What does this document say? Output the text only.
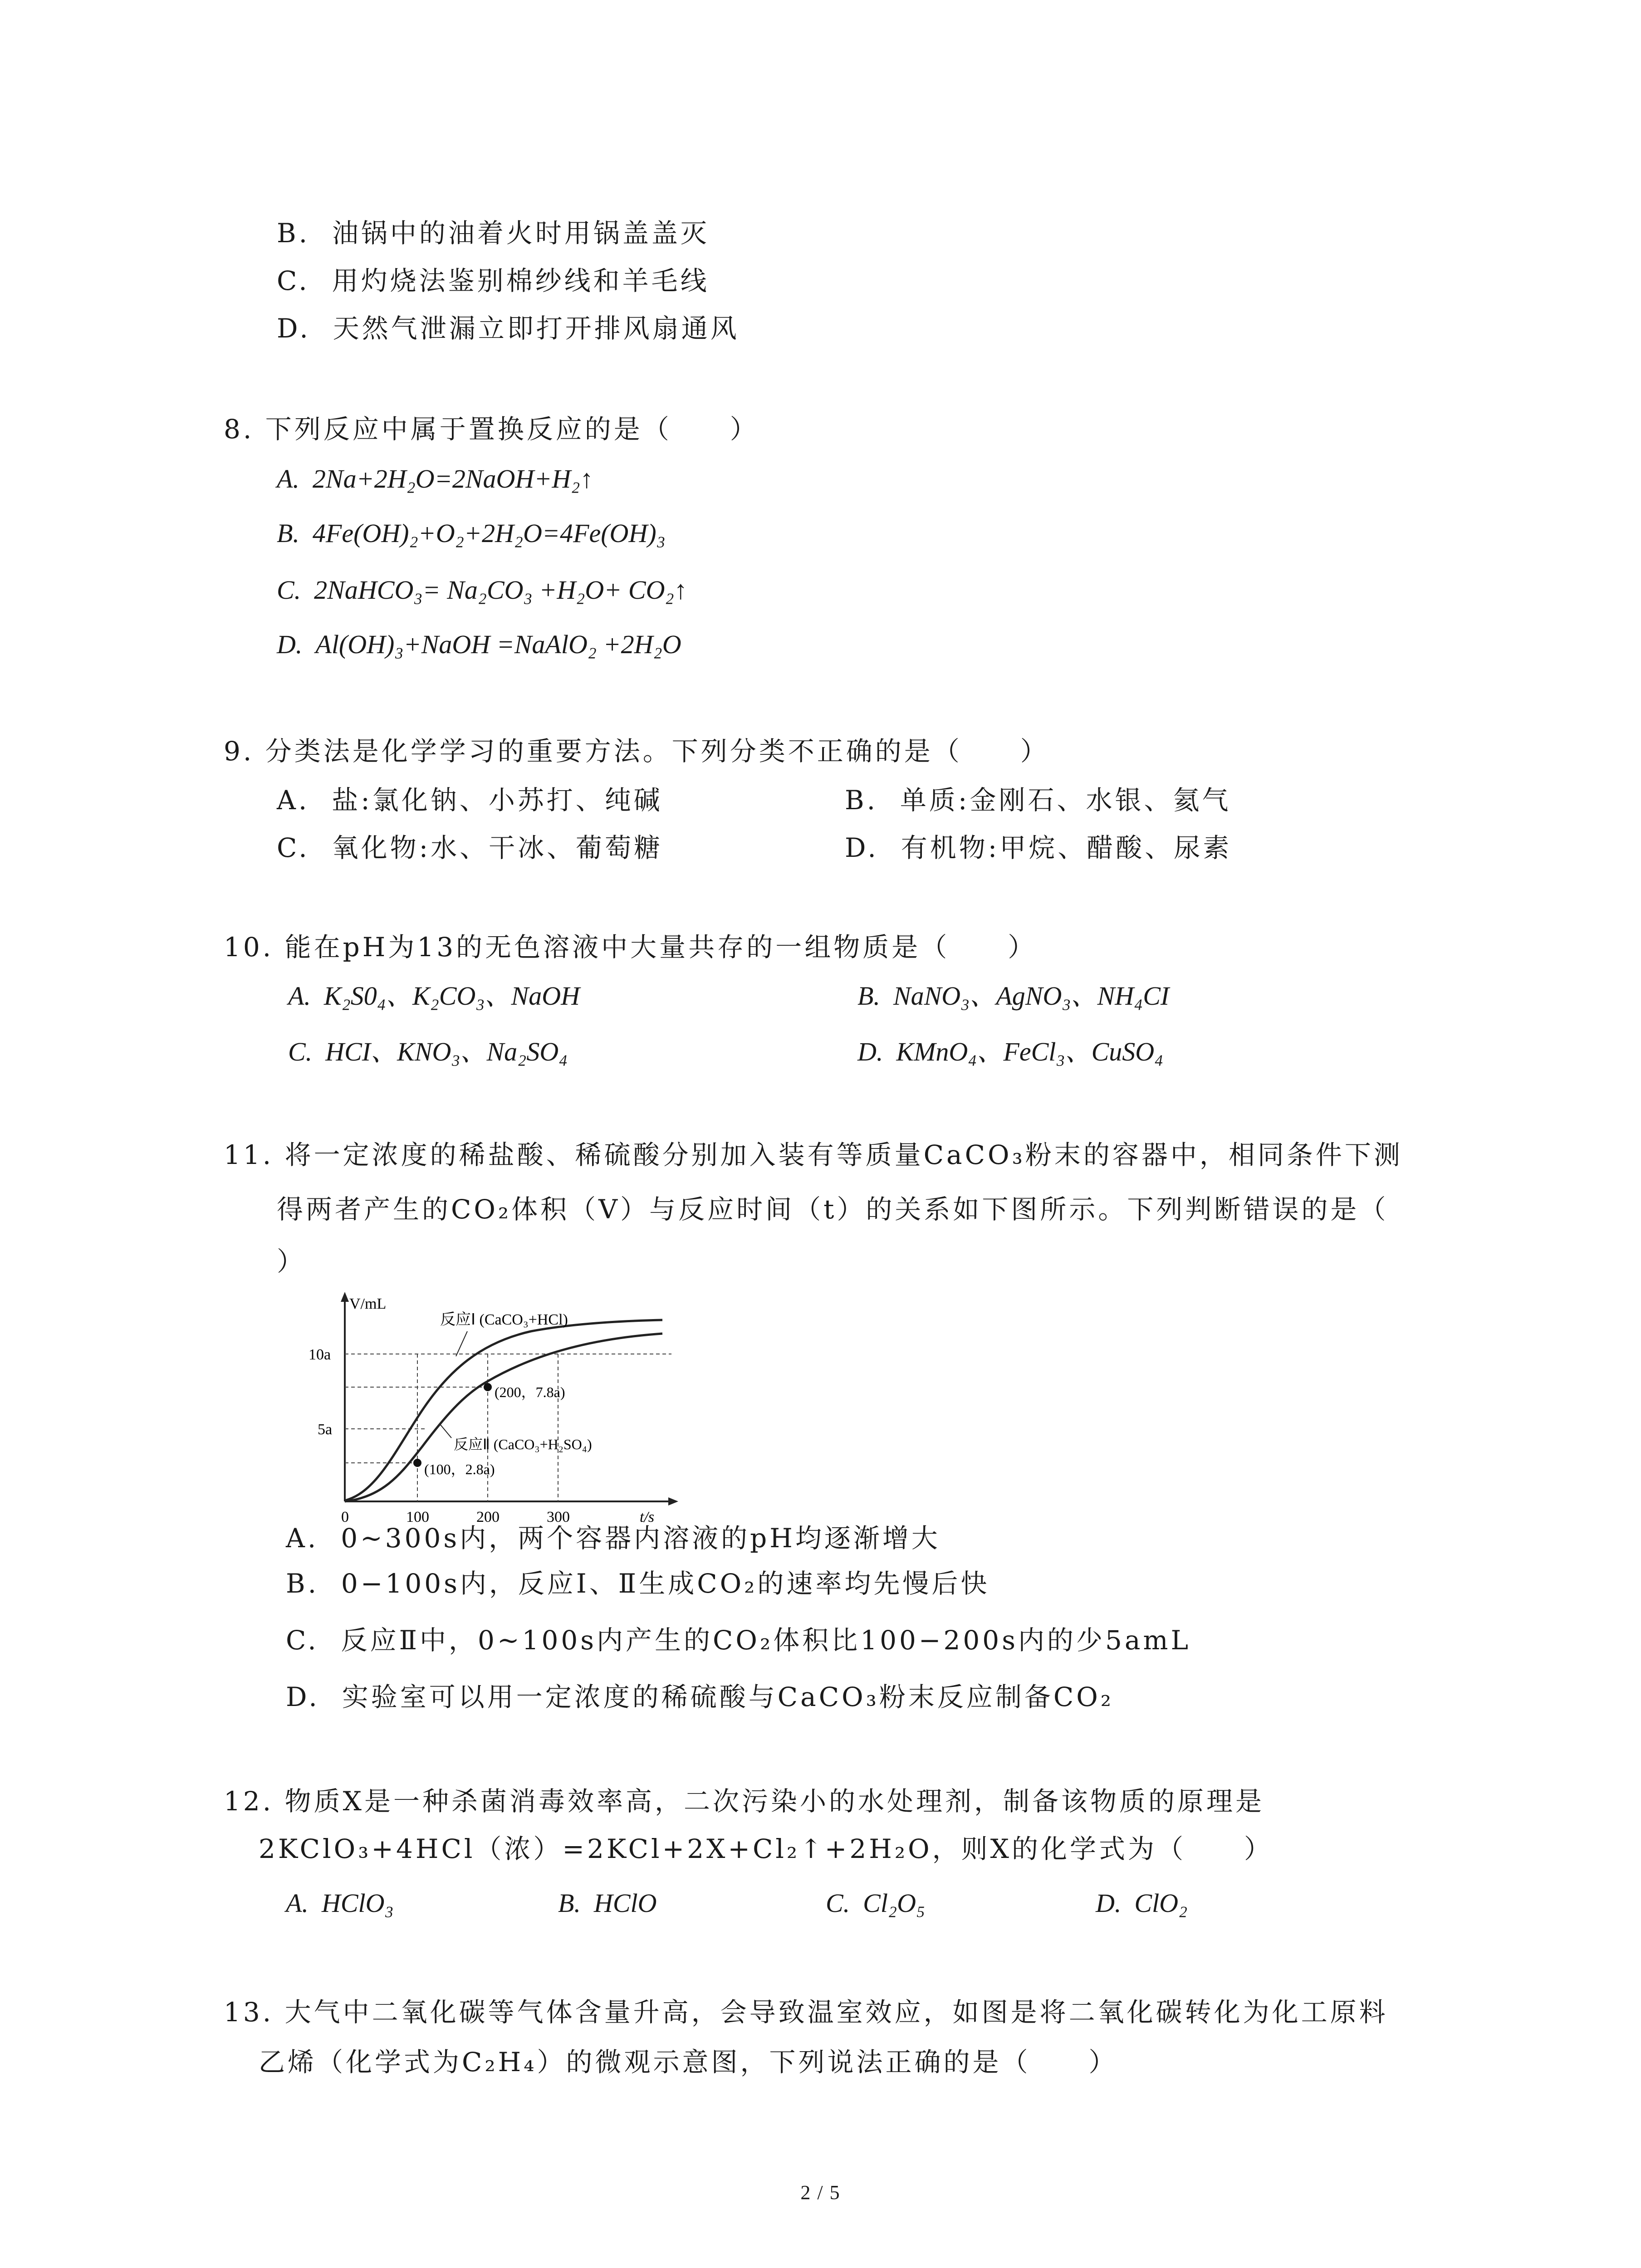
B.  油锅中的油着火时用锅盖盖灭
C.  用灼烧法鉴别棉纱线和羊毛线
D.  天然气泄漏立即打开排风扇通风
8. 下列反应中属于置换反应的是（　　）
A.  2Na+2H₂O=2NaOH+H₂↑
B.  4Fe(OH)₂+O₂+2H₂O=4Fe(OH)₃
C.  2NaHCO₃= Na₂CO₃ +H₂O+ CO₂↑
D.  Al(OH)₃+NaOH =NaAlO₂ +2H₂O
9. 分类法是化学学习的重要方法。下列分类不正确的是（　　）
A.  盐:氯化钠、小苏打、纯碱	B.  单质:金刚石、水银、氦气
C.  氧化物:水、干冰、葡萄糖	D.  有机物:甲烷、醋酸、尿素
10. 能在pH为13的无色溶液中大量共存的一组物质是（　　）
A.  K₂S0₄、K₂CO₃、NaOH	B.  NaNO₃、AgNO₃、NH₄CI
C.  HCI、KNO₃、Na₂SO₄	D.  KMnO₄、FeCl₃、CuSO₄
11. 将一定浓度的稀盐酸、稀硫酸分别加入装有等质量CaCO₃粉末的容器中，相同条件下测
得两者产生的CO₂体积（V）与反应时间（t）的关系如下图所示。下列判断错误的是（
）
V/mL
t/s
10a
5a
0	100	200	300
反应Ⅰ (CaCO₃+HCl)
(200，7.8a)
反应Ⅱ (CaCO₃+H₂SO₄)
(100，2.8a)
A.  0~300s内，两个容器内溶液的pH均逐渐增大
B.  0−100s内，反应Ⅰ、Ⅱ生成CO₂的速率均先慢后快
C.  反应Ⅱ中，0~100s内产生的CO₂体积比100−200s内的少5amL
D.  实验室可以用一定浓度的稀硫酸与CaCO₃粉末反应制备CO₂
12. 物质X是一种杀菌消毒效率高，二次污染小的水处理剂，制备该物质的原理是
2KClO₃+4HCl（浓）=2KCl+2X+Cl₂↑+2H₂O，则X的化学式为（　　）
A.  HClO₃	B.  HClO	C.  Cl₂O₅	D.  ClO₂
13. 大气中二氧化碳等气体含量升高，会导致温室效应，如图是将二氧化碳转化为化工原料
乙烯（化学式为C₂H₄）的微观示意图，下列说法正确的是（　　）
2 / 5
